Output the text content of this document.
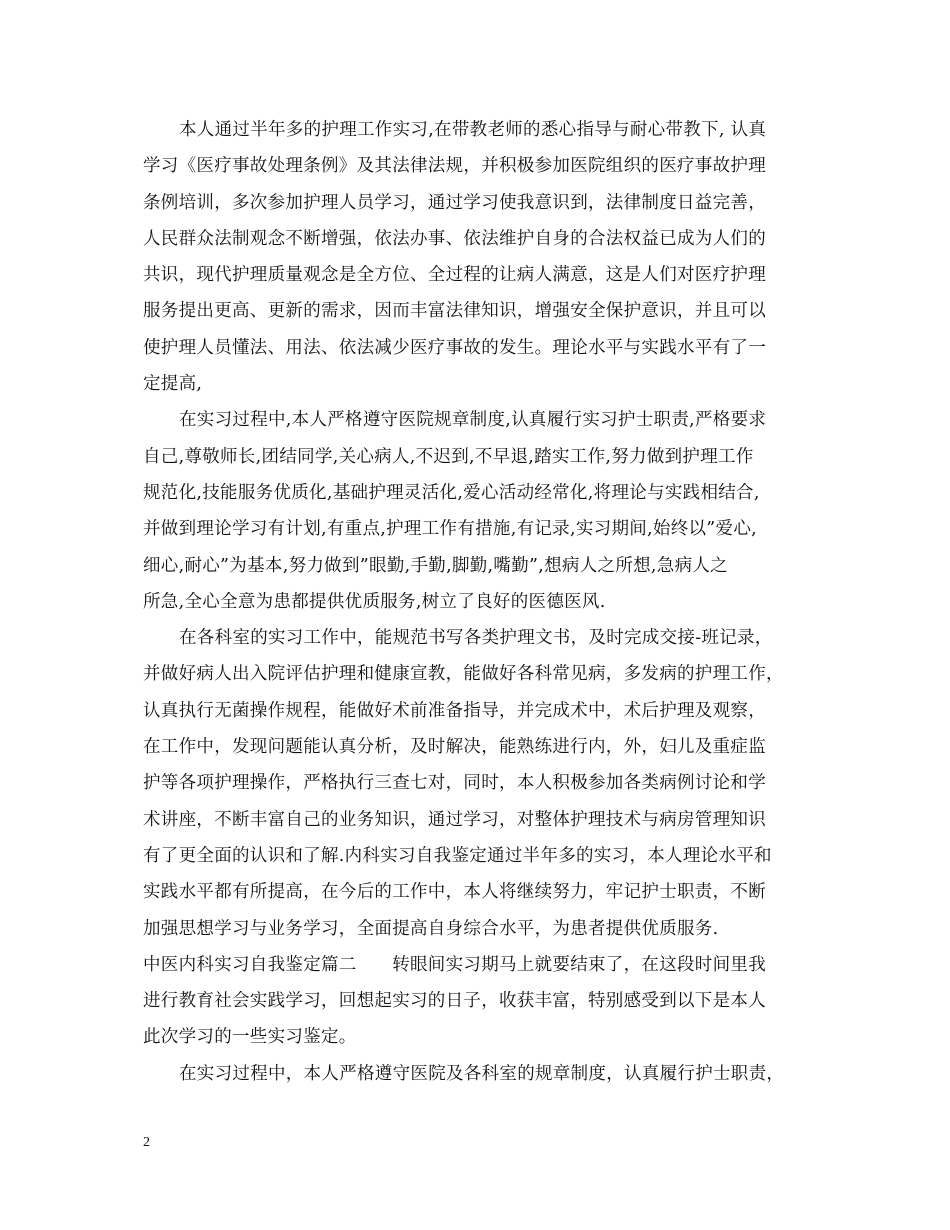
本人通过半年多的护理工作实习,在带教老师的悉心指导与耐心带教下, 认真
学习《医疗事故处理条例》及其法律法规，并积极参加医院组织的医疗事故护理
条例培训，多次参加护理人员学习，通过学习使我意识到，法律制度日益完善，
人民群众法制观念不断增强，依法办事、依法维护自身的合法权益已成为人们的
共识，现代护理质量观念是全方位、全过程的让病人满意，这是人们对医疗护理
服务提出更高、更新的需求，因而丰富法律知识，增强安全保护意识，并且可以
使护理人员懂法、用法、依法减少医疗事故的发生。理论水平与实践水平有了一
定提高,
在实习过程中,本人严格遵守医院规章制度,认真履行实习护士职责,严格要求
自己,尊敬师长,团结同学,关心病人,不迟到,不早退,踏实工作,努力做到护理工作
规范化,技能服务优质化,基础护理灵活化,爱心活动经常化,将理论与实践相结合,
并做到理论学习有计划,有重点,护理工作有措施,有记录,实习期间,始终以”爱心,
细心,耐心”为基本,努力做到”眼勤,手勤,脚勤,嘴勤”,想病人之所想,急病人之
所急,全心全意为患都提供优质服务,树立了良好的医德医风.
在各科室的实习工作中，能规范书写各类护理文书，及时完成交接-班记录，
并做好病人出入院评估护理和健康宣教，能做好各科常见病，多发病的护理工作，
认真执行无菌操作规程，能做好术前准备指导，并完成术中，术后护理及观察，
在工作中，发现问题能认真分析，及时解决，能熟练进行内，外，妇儿及重症监
护等各项护理操作，严格执行三查七对，同时，本人积极参加各类病例讨论和学
术讲座，不断丰富自己的业务知识，通过学习，对整体护理技术与病房管理知识
有了更全面的认识和了解.内科实习自我鉴定通过半年多的实习，本人理论水平和
实践水平都有所提高，在今后的工作中，本人将继续努力，牢记护士职责，不断
加强思想学习与业务学习，全面提高自身综合水平，为患者提供优质服务.
中医内科实习自我鉴定篇二　　转眼间实习期马上就要结束了，在这段时间里我
进行教育社会实践学习，回想起实习的日子，收获丰富，特别感受到以下是本人
此次学习的一些实习鉴定。
在实习过程中，本人严格遵守医院及各科室的规章制度，认真履行护士职责，
2
